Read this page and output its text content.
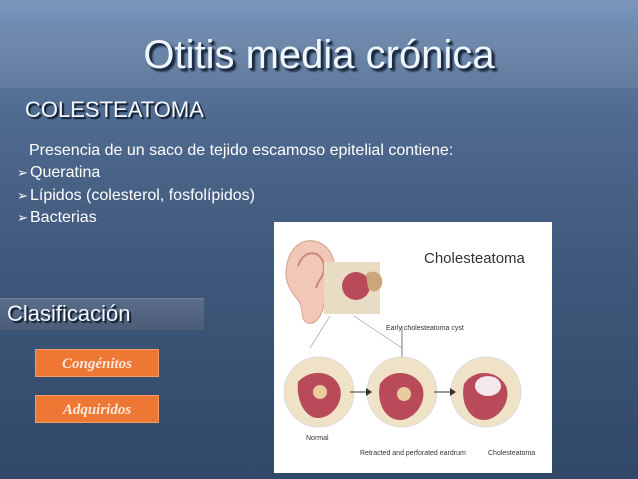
Otitis media crónica
COLESTEATOMA
Presencia de un saco de tejido escamoso epitelial contiene:
➢ Queratina
➢ Lípidos (colesterol, fosfolípidos)
➢ Bacterias
Cholesteatoma
Early cholesteatoma cyst
Normal
Retracted and perforated eardrum	Cholesteatoma
Clasificación
Congénitos
Adquiridos
